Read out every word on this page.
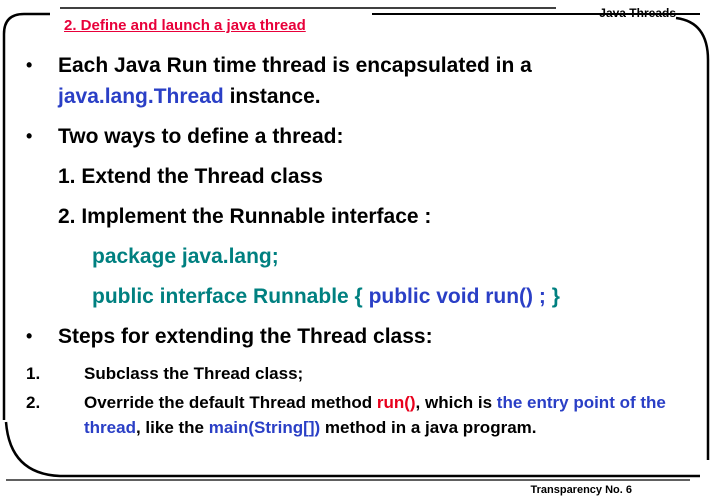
Java Threads
2. Define and launch a java thread
• Each Java Run time thread is encapsulated in a
java.lang.Thread instance.
• Two ways to define a thread:
1. Extend the Thread class
2. Implement the Runnable interface :
package java.lang;
public interface Runnable { public void run() ; }
• Steps for extending the Thread class:
1.	Subclass the Thread class;
2.	Override the default Thread method run(), which is the entry point of the thread, like the main(String[]) method in a java program.
Transparency No. 6
